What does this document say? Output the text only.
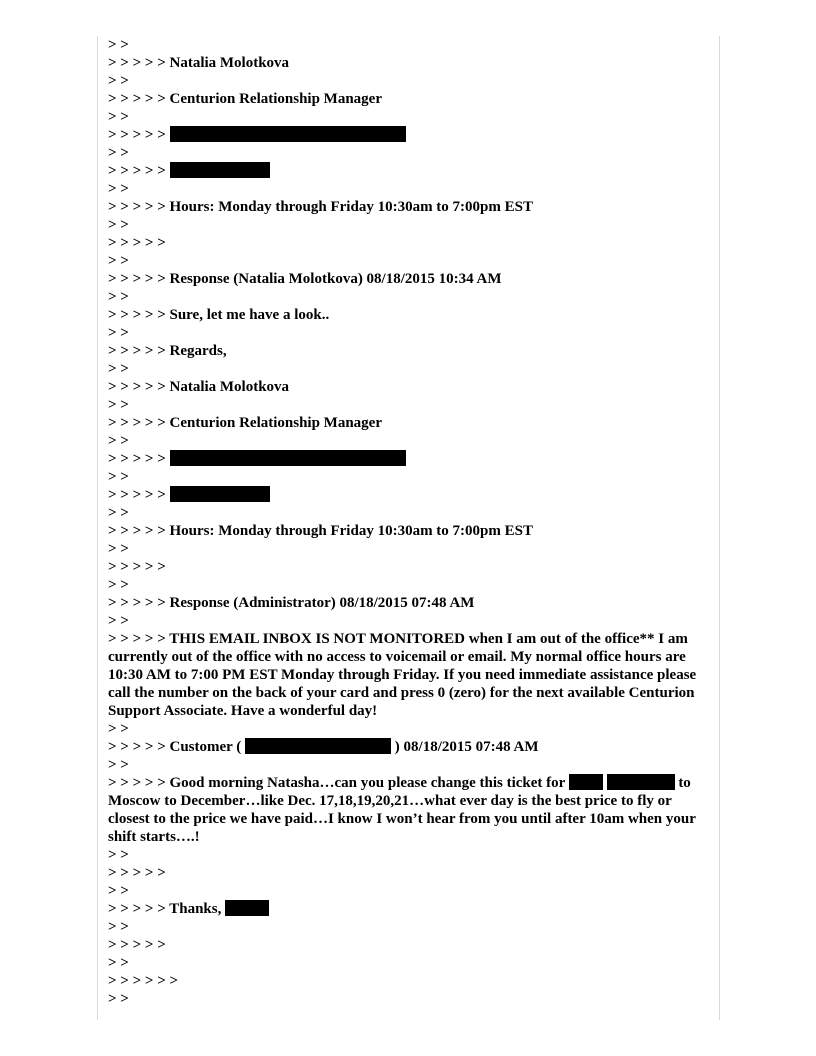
> >
> > > > > Natalia Molotkova
> >
> > > > > Centurion Relationship Manager
> >
> > > > >
> >
> > > > >
> >
> > > > > Hours: Monday through Friday 10:30am to 7:00pm EST
> >
> > > > >
> >
> > > > > Response (Natalia Molotkova) 08/18/2015 10:34 AM
> >
> > > > > Sure, let me have a look..
> >
> > > > > Regards,
> >
> > > > > Natalia Molotkova
> >
> > > > > Centurion Relationship Manager
> >
> > > > >
> >
> > > > >
> >
> > > > > Hours: Monday through Friday 10:30am to 7:00pm EST
> >
> > > > >
> >
> > > > > Response (Administrator) 08/18/2015 07:48 AM
> >
> > > > > THIS EMAIL INBOX IS NOT MONITORED when I am out of the office** I am currently out of the office with no access to voicemail or email. My normal office hours are 10:30 AM to 7:00 PM EST Monday through Friday. If you need immediate assistance please call the number on the back of your card and press 0 (zero) for the next available Centurion Support Associate. Have a wonderful day!
> >
> > > > > Customer (	) 08/18/2015 07:48 AM
> >
> > > > > Good morning Natasha…can you please change this ticket for	to Moscow to December…like Dec. 17,18,19,20,21…what ever day is the best price to fly or closest to the price we have paid…I know I won’t hear from you until after 10am when your shift starts….!
> >
> > > > >
> >
> > > > > Thanks,
> >
> > > > >
> >
> > > > > >
> >
